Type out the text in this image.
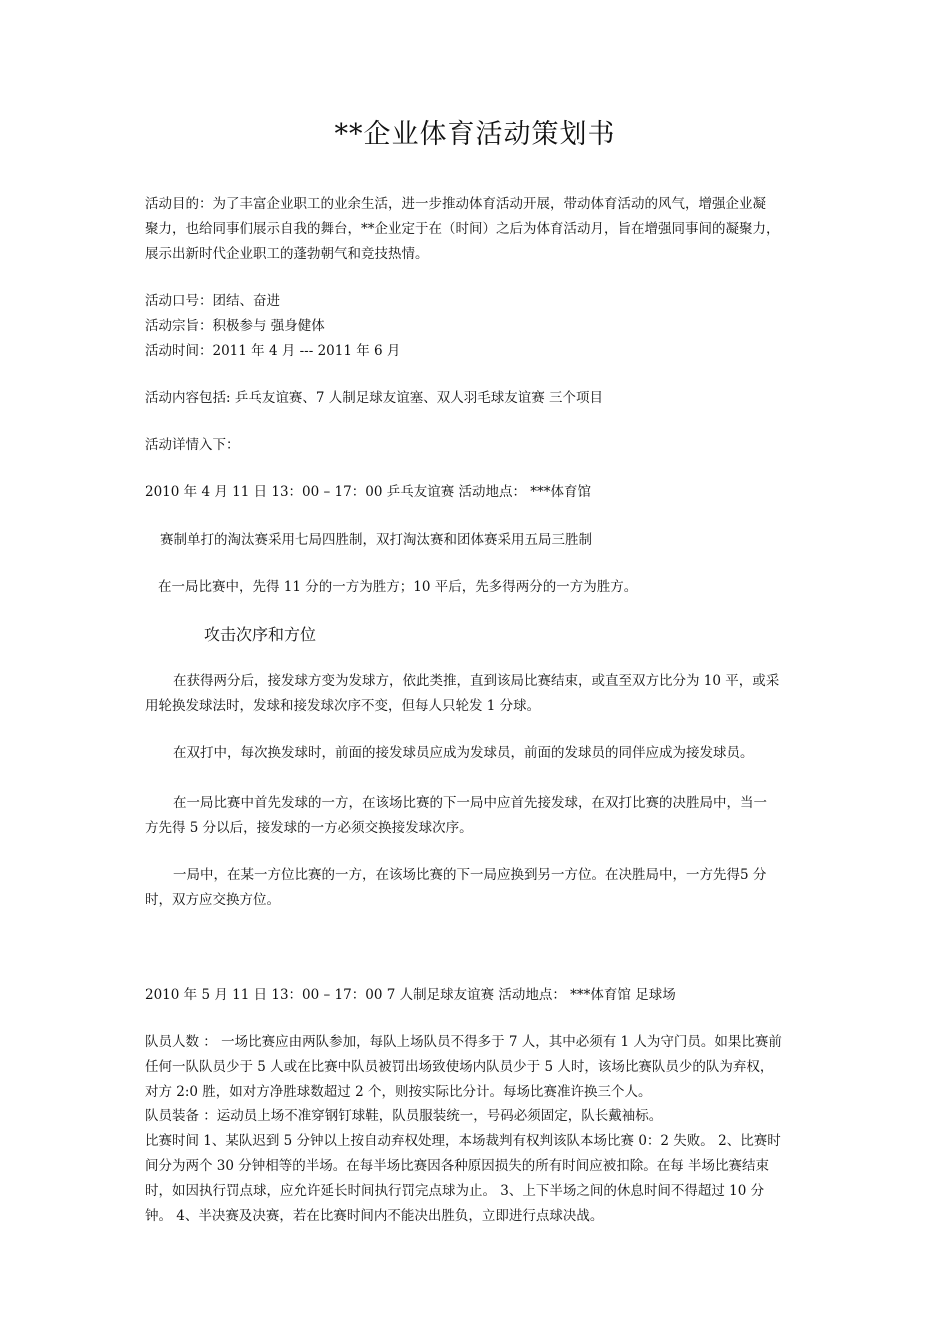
**企业体育活动策划书
活动目的：为了丰富企业职工的业余生活，进一步推动体育活动开展，带动体育活动的风气，增强企业凝
聚力，也给同事们展示自我的舞台，**企业定于在（时间）之后为体育活动月，旨在增强同事间的凝聚力，
展示出新时代企业职工的蓬勃朝气和竞技热情。
活动口号：团结、奋进
活动宗旨：积极参与 强身健体
活动时间：2011 年 4 月 --- 2011 年 6 月
活动内容包括: 乒乓友谊赛、7 人制足球友谊塞、双人羽毛球友谊赛 三个项目
活动详情入下：
2010 年 4 月 11 日 13：00 – 17：00 乒乓友谊赛 活动地点： ***体育馆
赛制单打的淘汰赛采用七局四胜制，双打淘汰赛和团体赛采用五局三胜制
在一局比赛中，先得 11 分的一方为胜方；10 平后，先多得两分的一方为胜方。
攻击次序和方位
在获得两分后，接发球方变为发球方，依此类推，直到该局比赛结束，或直至双方比分为 10 平，或采
用轮换发球法时，发球和接发球次序不变，但每人只轮发 1 分球。
在双打中，每次换发球时，前面的接发球员应成为发球员，前面的发球员的同伴应成为接发球员。
在一局比赛中首先发球的一方，在该场比赛的下一局中应首先接发球，在双打比赛的决胜局中，当一
方先得 5 分以后，接发球的一方必须交换接发球次序。
一局中，在某一方位比赛的一方，在该场比赛的下一局应换到另一方位。在决胜局中，一方先得5 分
时，双方应交换方位。
2010 年 5 月 11 日 13：00 – 17：00 7 人制足球友谊赛 活动地点： ***体育馆 足球场
队员人数 ： 一场比赛应由两队参加，每队上场队员不得多于 7 人，其中必须有 1 人为守门员。如果比赛前
任何一队队员少于 5 人或在比赛中队员被罚出场致使场内队员少于 5 人时，该场比赛队员少的队为弃权，
对方 2:0 胜，如对方净胜球数超过 2 个，则按实际比分计。每场比赛准许换三个人。
队员装备 ：运动员上场不准穿钢钉球鞋，队员服装统一，号码必须固定，队长戴袖标。
比赛时间 1、某队迟到 5 分钟以上按自动弃权处理，本场裁判有权判该队本场比赛 0：2 失败。 2、比赛时
间分为两个 30 分钟相等的半场。在每半场比赛因各种原因损失的所有时间应被扣除。在每 半场比赛结束
时，如因执行罚点球，应允许延长时间执行罚完点球为止。 3、上下半场之间的休息时间不得超过 10 分
钟。 4、半决赛及决赛，若在比赛时间内不能决出胜负，立即进行点球决战。
